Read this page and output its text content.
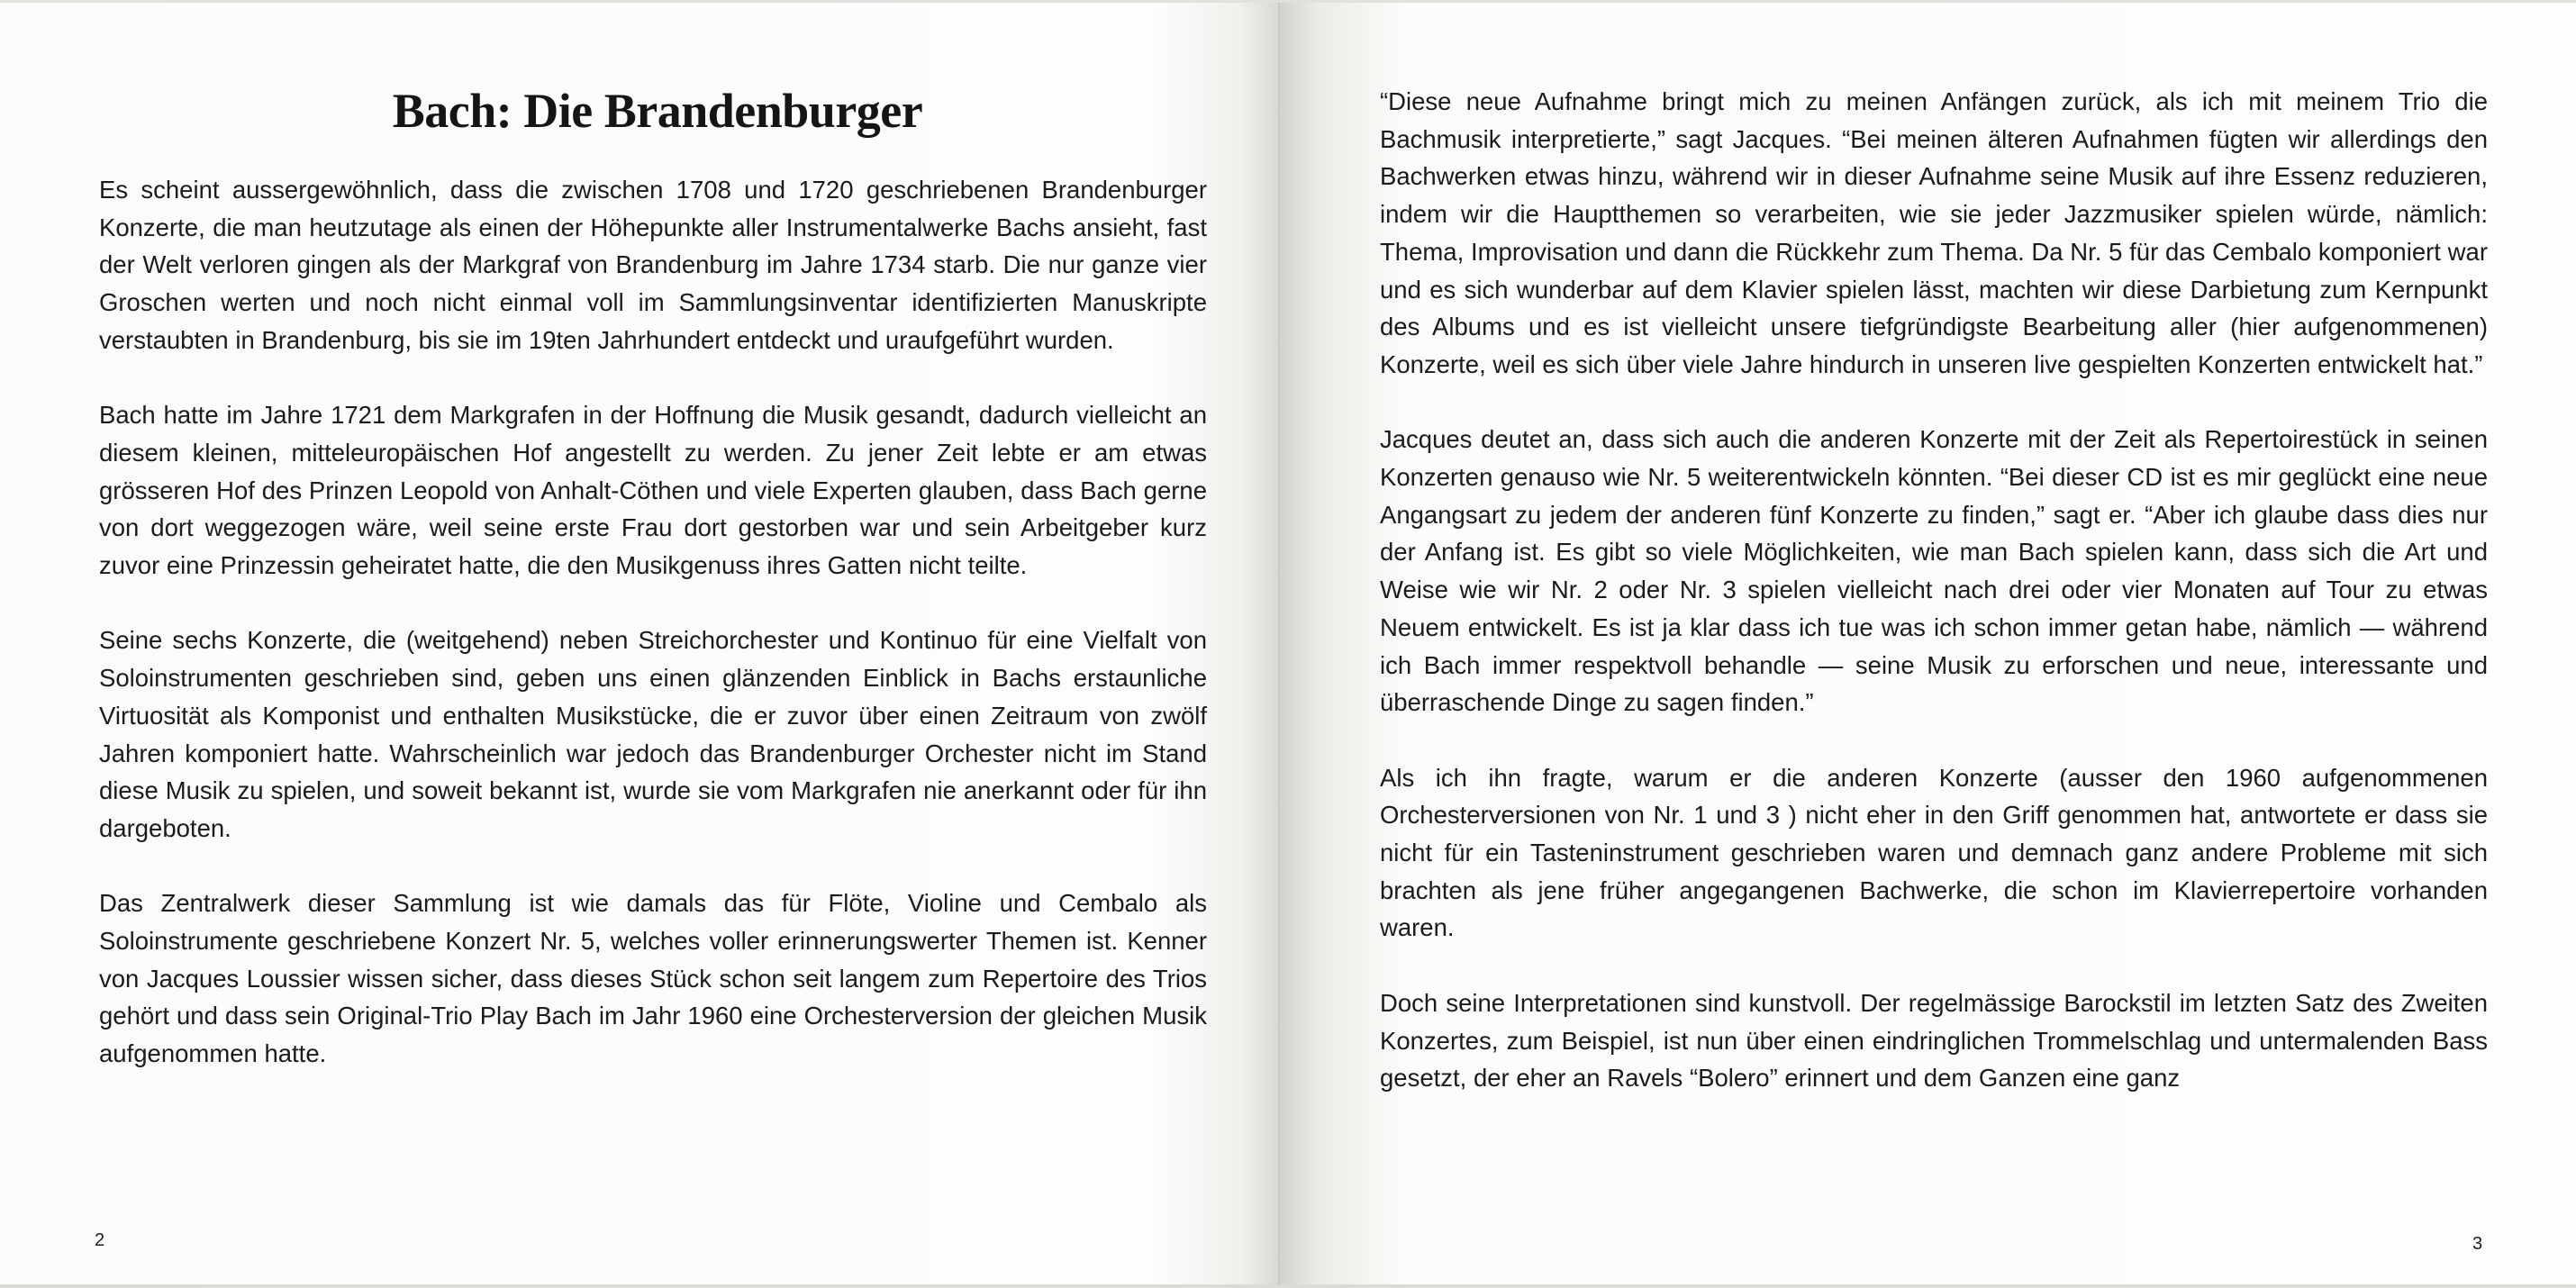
Bach: Die Brandenburger

Es scheint aussergewöhnlich, dass die zwischen 1708 und 1720 geschriebenen Brandenburger Konzerte, die man heutzutage als einen der Höhepunkte aller Instrumentalwerke Bachs ansieht, fast der Welt verloren gingen als der Markgraf von Brandenburg im Jahre 1734 starb. Die nur ganze vier Groschen werten und noch nicht einmal voll im Sammlungsinventar identifizierten Manuskripte verstaubten in Brandenburg, bis sie im 19ten Jahrhundert entdeckt und uraufgeführt wurden.

Bach hatte im Jahre 1721 dem Markgrafen in der Hoffnung die Musik gesandt, dadurch vielleicht an diesem kleinen, mitteleuropäischen Hof angestellt zu werden. Zu jener Zeit lebte er am etwas grösseren Hof des Prinzen Leopold von Anhalt-Cöthen und viele Experten glauben, dass Bach gerne von dort weggezogen wäre, weil seine erste Frau dort gestorben war und sein Arbeitgeber kurz zuvor eine Prinzessin geheiratet hatte, die den Musikgenuss ihres Gatten nicht teilte.

Seine sechs Konzerte, die (weitgehend) neben Streichorchester und Kontinuo für eine Vielfalt von Soloinstrumenten geschrieben sind, geben uns einen glänzenden Einblick in Bachs erstaunliche Virtuosität als Komponist und enthalten Musikstücke, die er zuvor über einen Zeitraum von zwölf Jahren komponiert hatte. Wahrscheinlich war jedoch das Brandenburger Orchester nicht im Stand diese Musik zu spielen, und soweit bekannt ist, wurde sie vom Markgrafen nie anerkannt oder für ihn dargeboten.

Das Zentralwerk dieser Sammlung ist wie damals das für Flöte, Violine und Cembalo als Soloinstrumente geschriebene Konzert Nr. 5, welches voller erinnerungswerter Themen ist. Kenner von Jacques Loussier wissen sicher, dass dieses Stück schon seit langem zum Repertoire des Trios gehört und dass sein Original-Trio Play Bach im Jahr 1960 eine Orchesterversion der gleichen Musik aufgenommen hatte.

2

“Diese neue Aufnahme bringt mich zu meinen Anfängen zurück, als ich mit meinem Trio die Bachmusik interpretierte,” sagt Jacques. “Bei meinen älteren Aufnahmen fügten wir allerdings den Bachwerken etwas hinzu, während wir in dieser Aufnahme seine Musik auf ihre Essenz reduzieren, indem wir die Hauptthemen so verarbeiten, wie sie jeder Jazzmusiker spielen würde, nämlich: Thema, Improvisation und dann die Rückkehr zum Thema. Da Nr. 5 für das Cembalo komponiert war und es sich wunderbar auf dem Klavier spielen lässt, machten wir diese Darbietung zum Kernpunkt des Albums und es ist vielleicht unsere tiefgründigste Bearbeitung aller (hier aufgenommenen) Konzerte, weil es sich über viele Jahre hindurch in unseren live gespielten Konzerten entwickelt hat.”

Jacques deutet an, dass sich auch die anderen Konzerte mit der Zeit als Repertoirestück in seinen Konzerten genauso wie Nr. 5 weiterentwickeln könnten. “Bei dieser CD ist es mir geglückt eine neue Angangsart zu jedem der anderen fünf Konzerte zu finden,” sagt er. “Aber ich glaube dass dies nur der Anfang ist. Es gibt so viele Möglichkeiten, wie man Bach spielen kann, dass sich die Art und Weise wie wir Nr. 2 oder Nr. 3 spielen vielleicht nach drei oder vier Monaten auf Tour zu etwas Neuem entwickelt. Es ist ja klar dass ich tue was ich schon immer getan habe, nämlich — während ich Bach immer respektvoll behandle — seine Musik zu erforschen und neue, interessante und überraschende Dinge zu sagen finden.”

Als ich ihn fragte, warum er die anderen Konzerte (ausser den 1960 aufgenommenen Orchesterversionen von Nr. 1 und 3 ) nicht eher in den Griff genommen hat, antwortete er dass sie nicht für ein Tasteninstrument geschrieben waren und demnach ganz andere Probleme mit sich brachten als jene früher angegangenen Bachwerke, die schon im Klavierrepertoire vorhanden waren.

Doch seine Interpretationen sind kunstvoll. Der regelmässige Barockstil im letzten Satz des Zweiten Konzertes, zum Beispiel, ist nun über einen eindringlichen Trommelschlag und untermalenden Bass gesetzt, der eher an Ravels “Bolero” erinnert und dem Ganzen eine ganz

3
